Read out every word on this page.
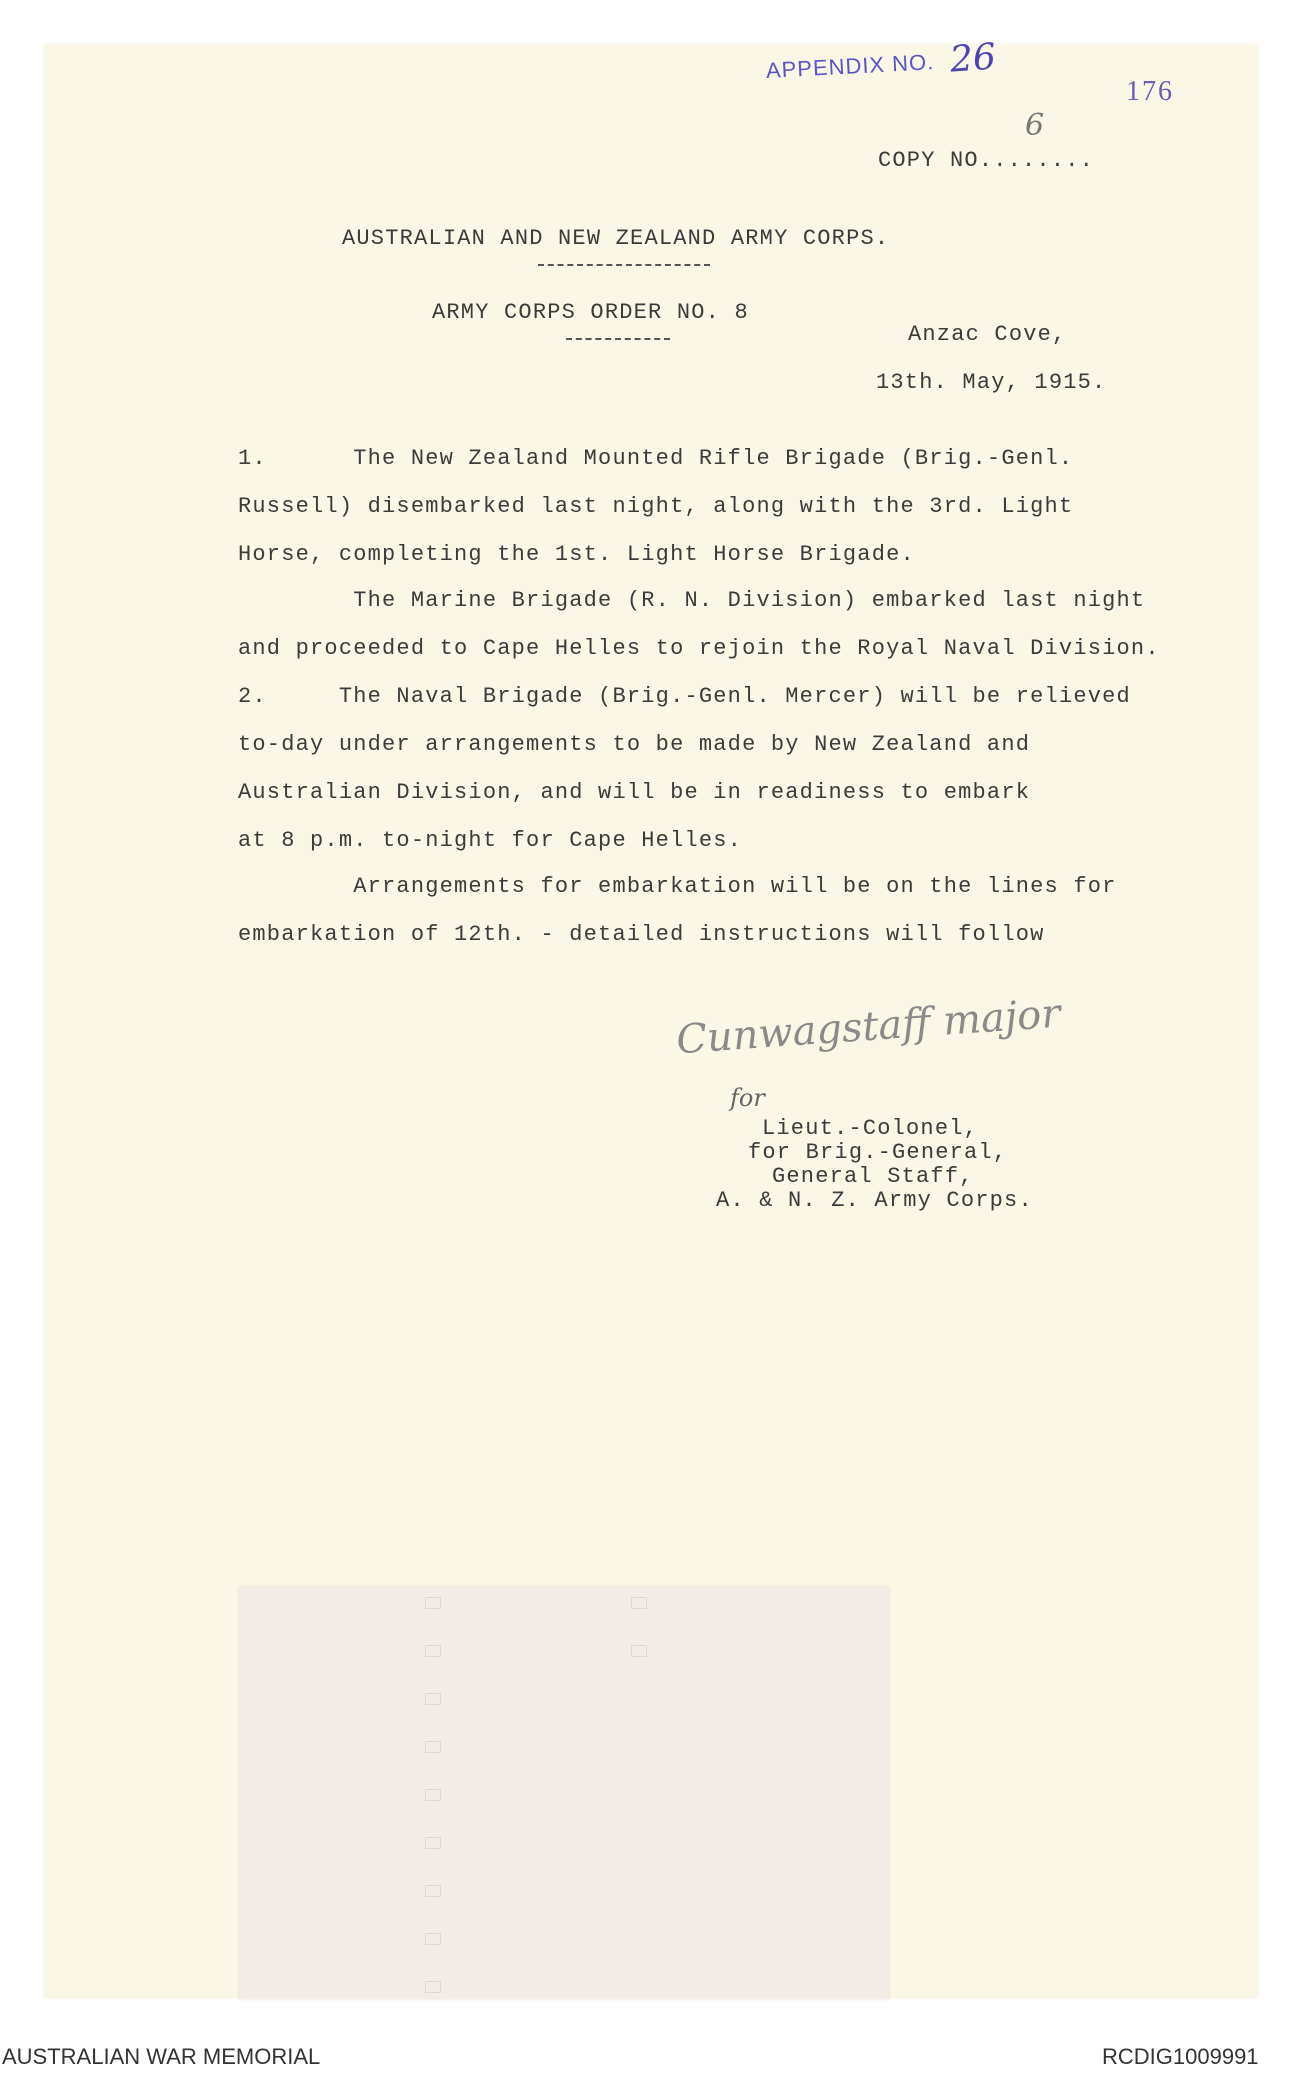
APPENDIX NO. 26
176
6
COPY NO........
AUSTRALIAN AND NEW ZEALAND ARMY CORPS.
ARMY CORPS ORDER NO. 8
Anzac Cove,
13th. May, 1915.
1.      The New Zealand Mounted Rifle Brigade (Brig.-Genl.
Russell) disembarked last night, along with the 3rd. Light
Horse, completing the 1st. Light Horse Brigade.
The Marine Brigade (R. N. Division) embarked last night
and proceeded to Cape Helles to rejoin the Royal Naval Division.
2.     The Naval Brigade (Brig.-Genl. Mercer) will be relieved
to-day under arrangements to be made by New Zealand and
Australian Division, and will be in readiness to embark
at 8 p.m. to-night for Cape Helles.
Arrangements for embarkation will be on the lines for
embarkation of 12th. - detailed instructions will follow
Cunwagstaff major
for
Lieut.-Colonel,
for Brig.-General,
General Staff,
A. & N. Z. Army Corps.
AUSTRALIAN WAR MEMORIAL	RCDIG1009991
